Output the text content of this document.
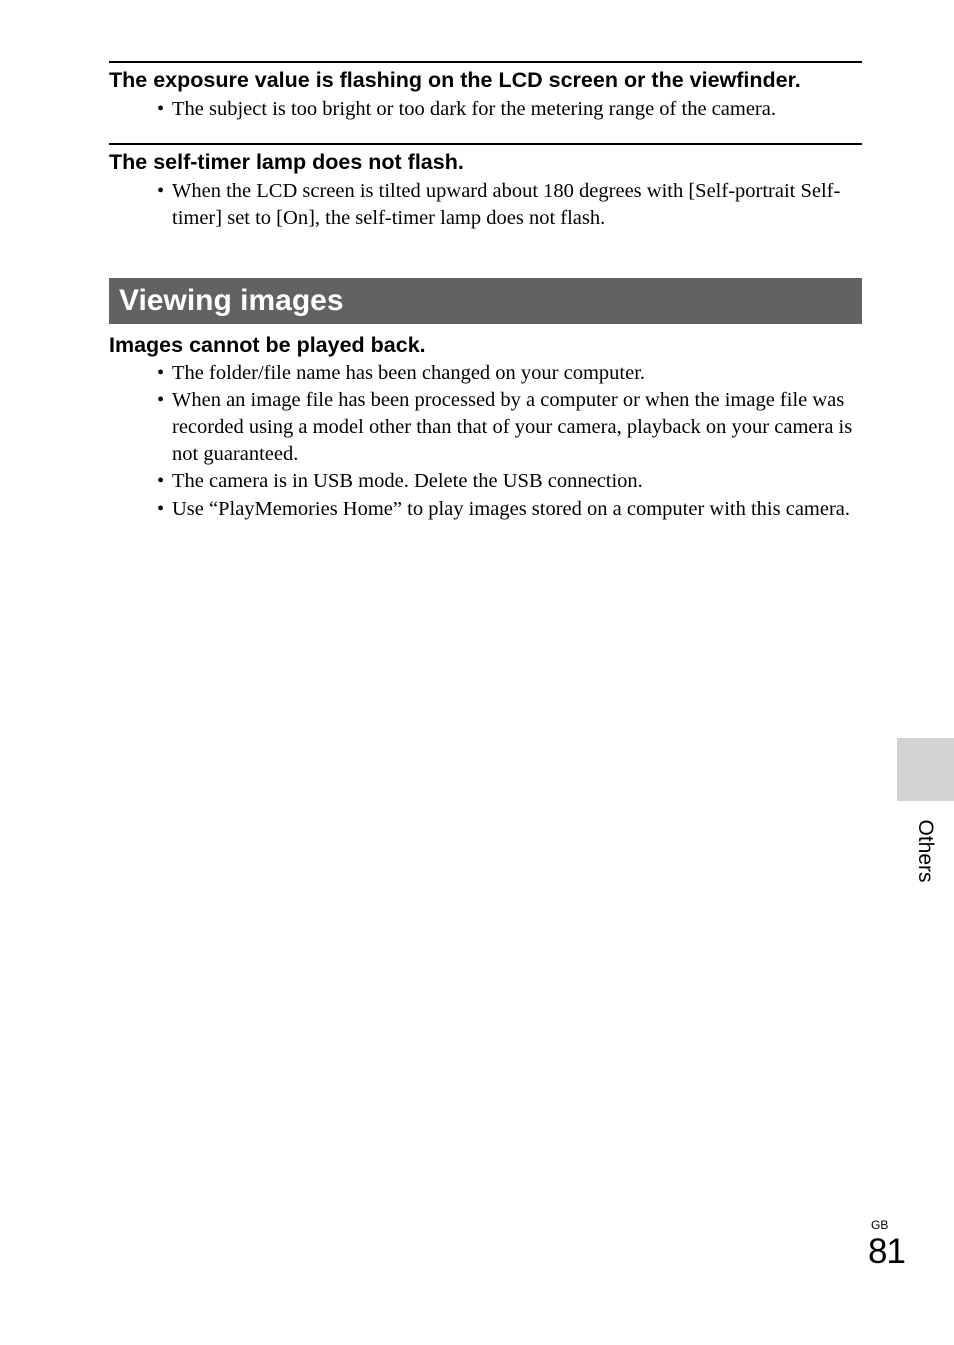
The exposure value is flashing on the LCD screen or the viewfinder.
• The subject is too bright or too dark for the metering range of the camera.
The self-timer lamp does not flash.
• When the LCD screen is tilted upward about 180 degrees with [Self-portrait Self-timer] set to [On], the self-timer lamp does not flash.
Viewing images
Images cannot be played back.
• The folder/file name has been changed on your computer.
• When an image file has been processed by a computer or when the image file was recorded using a model other than that of your camera, playback on your camera is not guaranteed.
• The camera is in USB mode. Delete the USB connection.
• Use “PlayMemories Home” to play images stored on a computer with this camera.
Others
GB
81
